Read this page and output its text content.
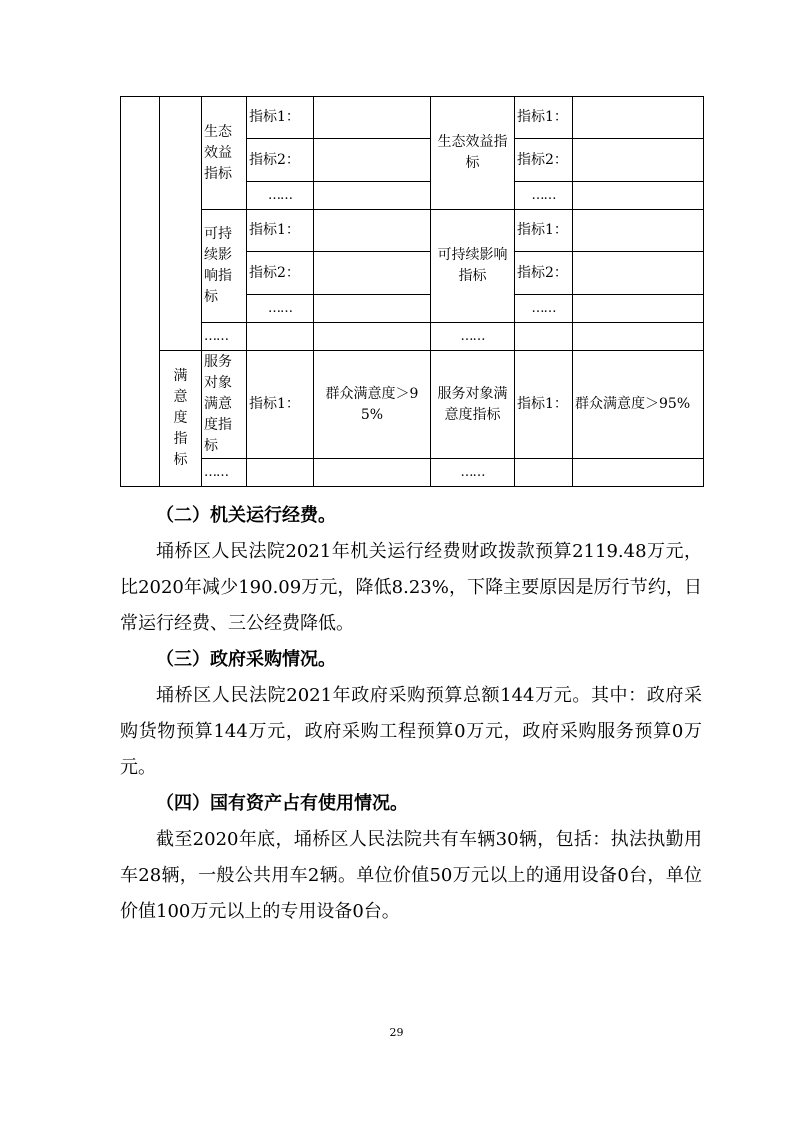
		生态效益指标	指标1：		生态效益指标	指标1：	
			指标2：			指标2：	
			……			……	
		可持续影响指标	指标1：		可持续影响指标	指标1：	
			指标2：			指标2：	
			……			……	
		……			……		
	满意度指标	服务对象满意度指标	指标1：	群众满意度＞95%	服务对象满意度指标	指标1：	群众满意度＞95%
		……			……		

（二）机关运行经费。

埇桥区人民法院2021年机关运行经费财政拨款预算2119.48万元，比2020年减少190.09万元，降低8.23%，下降主要原因是厉行节约，日常运行经费、三公经费降低。

（三）政府采购情况。

埇桥区人民法院2021年政府采购预算总额144万元。其中：政府采购货物预算144万元，政府采购工程预算0万元，政府采购服务预算0万元。

（四）国有资产占有使用情况。

截至2020年底，埇桥区人民法院共有车辆30辆，包括：执法执勤用车28辆，一般公共用车2辆。单位价值50万元以上的通用设备0台，单位价值100万元以上的专用设备0台。

29
